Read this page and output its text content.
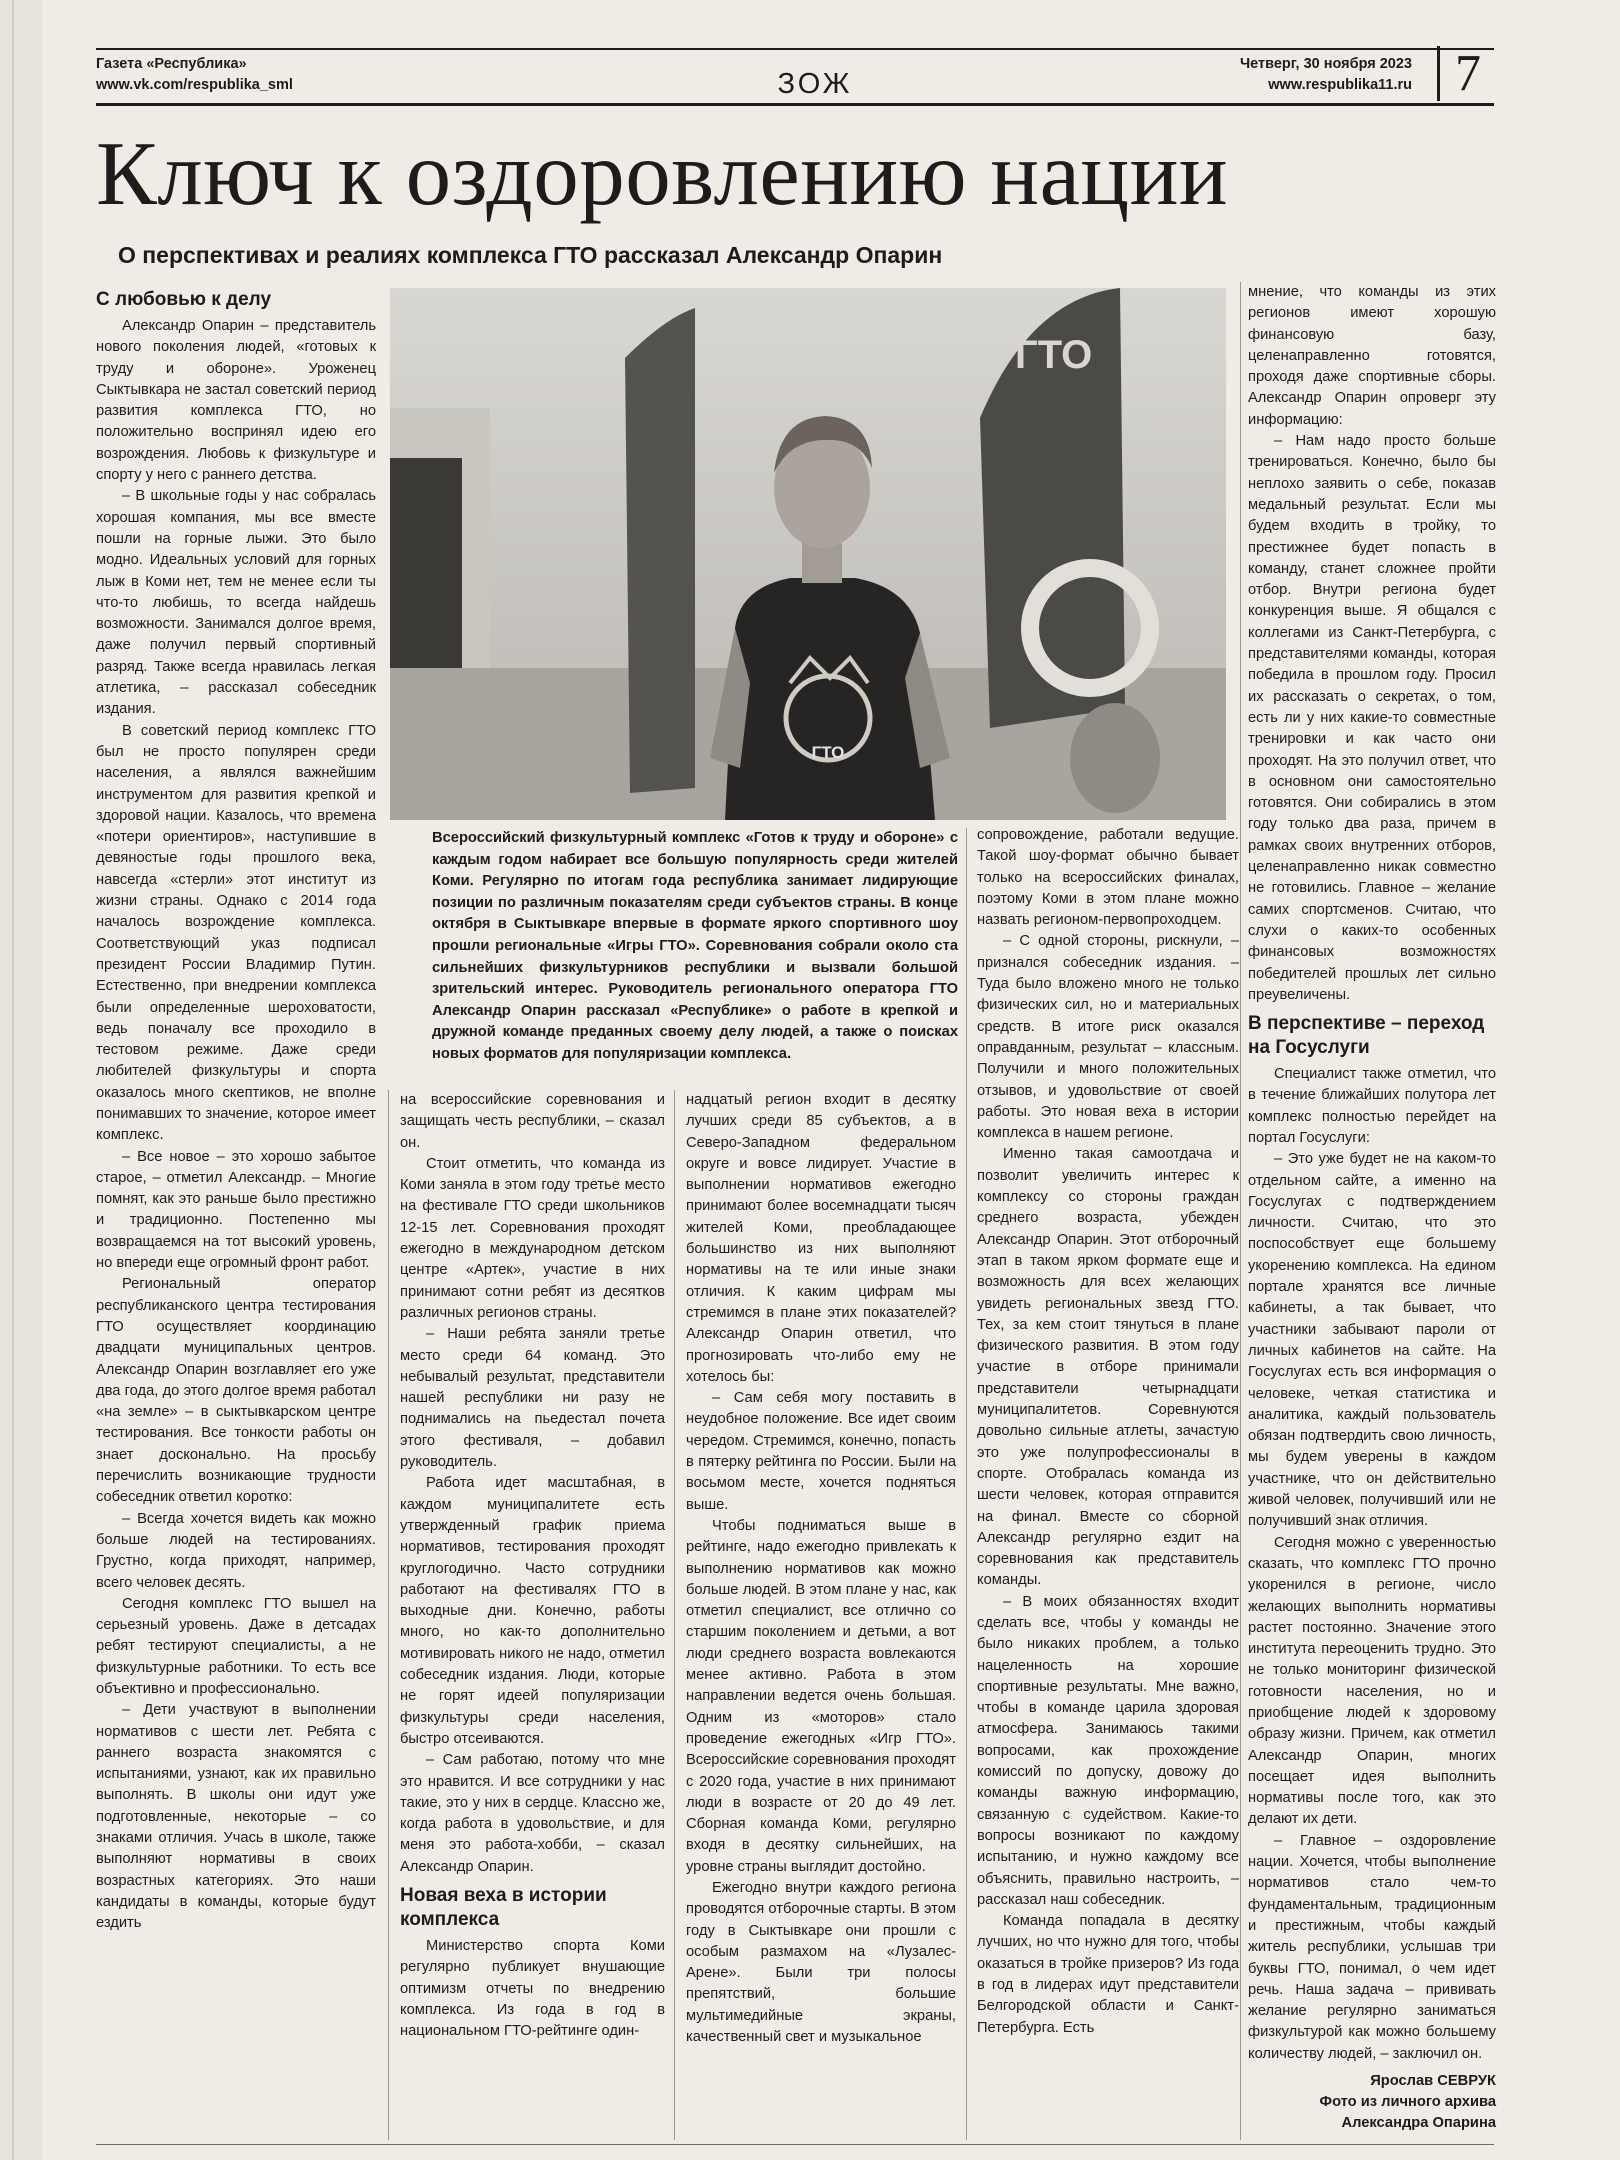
Газета «Республика»
www.vk.com/respublika_sml	ЗОЖ
Четверг, 30 ноября 2023
www.respublika11.ru 7
Ключ к оздоровлению нации
О перспективах и реалиях комплекса ГТО рассказал Александр Опарин

С любовью к делу

Александр Опарин – представитель нового поколения людей, «готовых к труду и обороне». Уроженец Сыктывкара не застал советский период развития комплекса ГТО, но положительно воспринял идею его возрождения. Любовь к физкультуре и спорту у него с раннего детства.

– В школьные годы у нас собралась хорошая компания, мы все вместе пошли на горные лыжи. Это было модно. Идеальных условий для горных лыж в Коми нет, тем не менее если ты что-то любишь, то всегда найдешь возможности. Занимался долгое время, даже получил первый спортивный разряд. Также всегда нравилась легкая атлетика, – рассказал собеседник издания.

В советский период комплекс ГТО был не просто популярен среди населения, а являлся важнейшим инструментом для развития крепкой и здоровой нации. Казалось, что времена «потери ориентиров», наступившие в девяностые годы прошлого века, навсегда «стерли» этот институт из жизни страны. Однако с 2014 года началось возрождение комплекса. Соответствующий указ подписал президент России Владимир Путин. Естественно, при внедрении комплекса были определенные шероховатости, ведь поначалу все проходило в тестовом режиме. Даже среди любителей физкультуры и спорта оказалось много скептиков, не вполне понимавших то значение, которое имеет комплекс.

– Все новое – это хорошо забытое старое, – отметил Александр. – Многие помнят, как это раньше было престижно и традиционно. Постепенно мы возвращаемся на тот высокий уровень, но впереди еще огромный фронт работ.

Региональный оператор республиканского центра тестирования ГТО осуществляет координацию двадцати муниципальных центров. Александр Опарин возглавляет его уже два года, до этого долгое время работал «на земле» – в сыктывкарском центре тестирования. Все тонкости работы он знает досконально. На просьбу перечислить возникающие трудности собеседник ответил коротко:

– Всегда хочется видеть как можно больше людей на тестированиях. Грустно, когда приходят, например, всего человек десять.

Сегодня комплекс ГТО вышел на серьезный уровень. Даже в детсадах ребят тестируют специалисты, а не физкультурные работники. То есть все объективно и профессионально.

– Дети участвуют в выполнении нормативов с шести лет. Ребята с раннего возраста знакомятся с испытаниями, узнают, как их правильно выполнять. В школы они идут уже подготовленные, некоторые – со знаками отличия. Учась в школе, также выполняют нормативы в своих возрастных категориях. Это наши кандидаты в команды, которые будут ездить

ГТО
ГТО
Всероссийский физкультурный комплекс «Готов к труду и обороне» с каждым годом набирает все большую популярность среди жителей Коми. Регулярно по итогам года республика занимает лидирующие позиции по различным показателям среди субъектов страны. В конце октября в Сыктывкаре впервые в формате яркого спортивного шоу прошли региональные «Игры ГТО». Соревнования собрали около ста сильнейших физкультурников республики и вызвали большой зрительский интерес. Руководитель регионального оператора ГТО Александр Опарин рассказал «Республике» о работе в крепкой и дружной команде преданных своему делу людей, а также о поисках новых форматов для популяризации комплекса.

на всероссийские соревнования и защищать честь республики, – сказал он.

Стоит отметить, что команда из Коми заняла в этом году третье место на фестивале ГТО среди школьников 12-15 лет. Соревнования проходят ежегодно в международном детском центре «Артек», участие в них принимают сотни ребят из десятков различных регионов страны.

– Наши ребята заняли третье место среди 64 команд. Это небывалый результат, представители нашей республики ни разу не поднимались на пьедестал почета этого фестиваля, – добавил руководитель.

Работа идет масштабная, в каждом муниципалитете есть утвержденный график приема нормативов, тестирования проходят круглогодично. Часто сотрудники работают на фестивалях ГТО в выходные дни. Конечно, работы много, но как-то дополнительно мотивировать никого не надо, отметил собеседник издания. Люди, которые не горят идеей популяризации физкультуры среди населения, быстро отсеиваются.

– Сам работаю, потому что мне это нравится. И все сотрудники у нас такие, это у них в сердце. Классно же, когда работа в удовольствие, и для меня это работа-хобби, – сказал Александр Опарин.

Новая веха в истории комплекса

Министерство спорта Коми регулярно публикует внушающие оптимизм отчеты по внедрению комплекса. Из года в год в национальном ГТО-рейтинге один-

надцатый регион входит в десятку лучших среди 85 субъектов, а в Северо-Западном федеральном округе и вовсе лидирует. Участие в выполнении нормативов ежегодно принимают более восемнадцати тысяч жителей Коми, преобладающее большинство из них выполняют нормативы на те или иные знаки отличия. К каким цифрам мы стремимся в плане этих показателей? Александр Опарин ответил, что прогнозировать что-либо ему не хотелось бы:

– Сам себя могу поставить в неудобное положение. Все идет своим чередом. Стремимся, конечно, попасть в пятерку рейтинга по России. Были на восьмом месте, хочется подняться выше.

Чтобы подниматься выше в рейтинге, надо ежегодно привлекать к выполнению нормативов как можно больше людей. В этом плане у нас, как отметил специалист, все отлично со старшим поколением и детьми, а вот люди среднего возраста вовлекаются менее активно. Работа в этом направлении ведется очень большая. Одним из «моторов» стало проведение ежегодных «Игр ГТО». Всероссийские соревнования проходят с 2020 года, участие в них принимают люди в возрасте от 20 до 49 лет. Сборная команда Коми, регулярно входя в десятку сильнейших, на уровне страны выглядит достойно.

Ежегодно внутри каждого региона проводятся отборочные старты. В этом году в Сыктывкаре они прошли с особым размахом на «Лузалес-Арене». Были три полосы препятствий, большие мультимедийные экраны, качественный свет и музыкальное

сопровождение, работали ведущие. Такой шоу-формат обычно бывает только на всероссийских финалах, поэтому Коми в этом плане можно назвать регионом-первопроходцем.

– С одной стороны, рискнули, – признался собеседник издания. – Туда было вложено много не только физических сил, но и материальных средств. В итоге риск оказался оправданным, результат – классным. Получили и много положительных отзывов, и удовольствие от своей работы. Это новая веха в истории комплекса в нашем регионе.

Именно такая самоотдача и позволит увеличить интерес к комплексу со стороны граждан среднего возраста, убежден Александр Опарин. Этот отборочный этап в таком ярком формате еще и возможность для всех желающих увидеть региональных звезд ГТО. Тех, за кем стоит тянуться в плане физического развития. В этом году участие в отборе принимали представители четырнадцати муниципалитетов. Соревнуются довольно сильные атлеты, зачастую это уже полупрофессионалы в спорте. Отобралась команда из шести человек, которая отправится на финал. Вместе со сборной Александр регулярно ездит на соревнования как представитель команды.

– В моих обязанностях входит сделать все, чтобы у команды не было никаких проблем, а только нацеленность на хорошие спортивные результаты. Мне важно, чтобы в команде царила здоровая атмосфера. Занимаюсь такими вопросами, как прохождение комиссий по допуску, довожу до команды важную информацию, связанную с судейством. Какие-то вопросы возникают по каждому испытанию, и нужно каждому все объяснить, правильно настроить, – рассказал наш собеседник.

Команда попадала в десятку лучших, но что нужно для того, чтобы оказаться в тройке призеров? Из года в год в лидерах идут представители Белгородской области и Санкт-Петербурга. Есть

мнение, что команды из этих регионов имеют хорошую финансовую базу, целенаправленно готовятся, проходя даже спортивные сборы. Александр Опарин опроверг эту информацию:

– Нам надо просто больше тренироваться. Конечно, было бы неплохо заявить о себе, показав медальный результат. Если мы будем входить в тройку, то престижнее будет попасть в команду, станет сложнее пройти отбор. Внутри региона будет конкуренция выше. Я общался с коллегами из Санкт-Петербурга, с представителями команды, которая победила в прошлом году. Просил их рассказать о секретах, о том, есть ли у них какие-то совместные тренировки и как часто они проходят. На это получил ответ, что в основном они самостоятельно готовятся. Они собирались в этом году только два раза, причем в рамках своих внутренних отборов, целенаправленно никак совместно не готовились. Главное – желание самих спортсменов. Считаю, что слухи о каких-то особенных финансовых возможностях победителей прошлых лет сильно преувеличены.

В перспективе – переход на Госуслуги

Специалист также отметил, что в течение ближайших полутора лет комплекс полностью перейдет на портал Госуслуги:

– Это уже будет не на каком-то отдельном сайте, а именно на Госуслугах с подтверждением личности. Считаю, что это поспособствует еще большему укоренению комплекса. На едином портале хранятся все личные кабинеты, а так бывает, что участники забывают пароли от личных кабинетов на сайте. На Госуслугах есть вся информация о человеке, четкая статистика и аналитика, каждый пользователь обязан подтвердить свою личность, мы будем уверены в каждом участнике, что он действительно живой человек, получивший или не получивший знак отличия.

Сегодня можно с уверенностью сказать, что комплекс ГТО прочно укоренился в регионе, число желающих выполнить нормативы растет постоянно. Значение этого института переоценить трудно. Это не только мониторинг физической готовности населения, но и приобщение людей к здоровому образу жизни. Причем, как отметил Александр Опарин, многих посещает идея выполнить нормативы после того, как это делают их дети.

– Главное – оздоровление нации. Хочется, чтобы выполнение нормативов стало чем-то фундаментальным, традиционным и престижным, чтобы каждый житель республики, услышав три буквы ГТО, понимал, о чем идет речь. Наша задача – прививать желание регулярно заниматься физкультурой как можно большему количеству людей, – заключил он.

Ярослав СЕВРУК
Фото из личного архива
Александра Опарина
